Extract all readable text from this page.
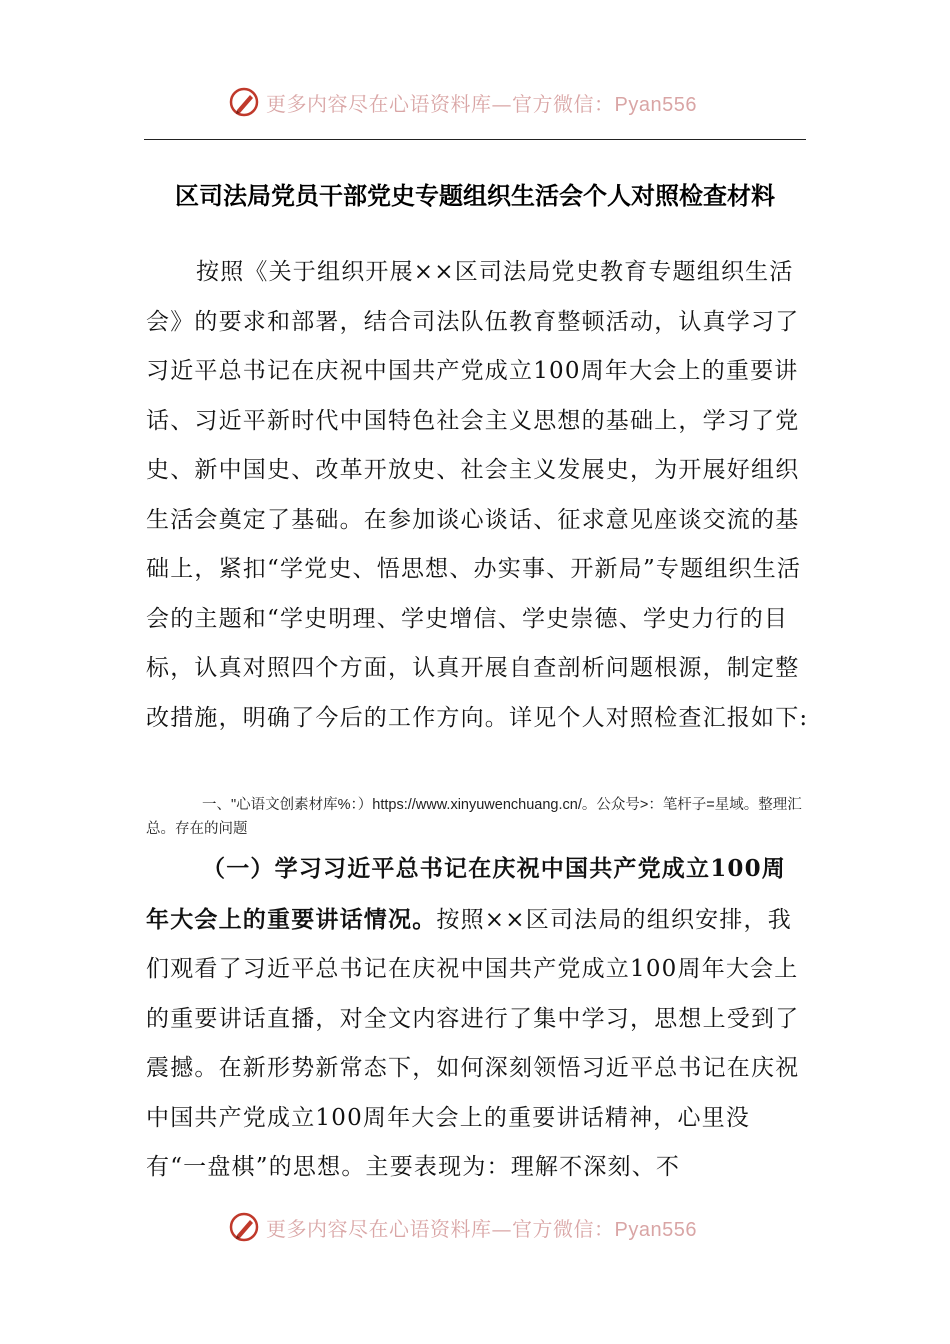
更多内容尽在心语资料库—官方微信：Pyan556
区司法局党员干部党史专题组织生活会个人对照检查材料

按照《关于组织开展××区司法局党史教育专题组织生活会》的要求和部署，结合司法队伍教育整顿活动，认真学习了习近平总书记在庆祝中国共产党成立100周年大会上的重要讲话、习近平新时代中国特色社会主义思想的基础上，学习了党史、新中国史、改革开放史、社会主义发展史，为开展好组织生活会奠定了基础。在参加谈心谈话、征求意见座谈交流的基础上，紧扣“学党史、悟思想、办实事、开新局”专题组织生活会的主题和“学史明理、学史增信、学史崇德、学史力行的目标，认真对照四个方面，认真开展自查剖析问题根源，制定整改措施，明确了今后的工作方向。详见个人对照检查汇报如下:

一、"心语文创素材库%：）https://www.xinyuwenchuang.cn/。公众号>：笔杆子=星域。整理汇总。存在的问题

（一）学习习近平总书记在庆祝中国共产党成立100周年大会上的重要讲话情况。按照××区司法局的组织安排，我们观看了习近平总书记在庆祝中国共产党成立100周年大会上的重要讲话直播，对全文内容进行了集中学习，思想上受到了震撼。在新形势新常态下，如何深刻领悟习近平总书记在庆祝中国共产党成立100周年大会上的重要讲话精神，心里没有“一盘棋”的思想。主要表现为：理解不深刻、不

更多内容尽在心语资料库—官方微信：Pyan556
